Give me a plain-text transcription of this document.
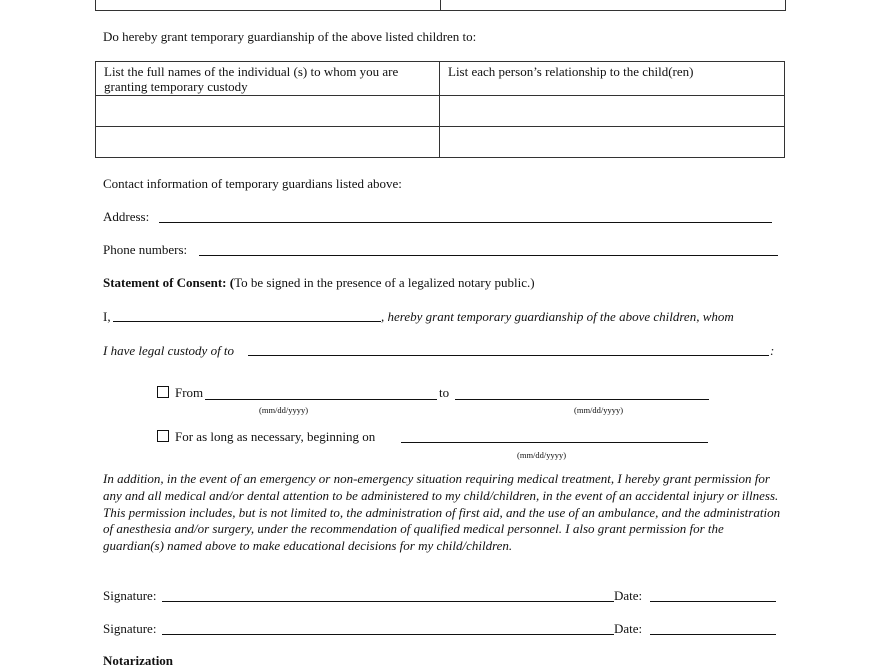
Do hereby grant temporary guardianship of the above listed children to:
List the full names of the individual (s) to whom you are granting temporary custody	List each person’s relationship to the child(ren)

Contact information of temporary guardians listed above:
Address:
Phone numbers:
Statement of Consent: (To be signed in the presence of a legalized notary public.)
I,	, hereby grant temporary guardianship of the above children, whom
I have legal custody of to	:
From	to
(mm/dd/yyyy)	(mm/dd/yyyy)
For as long as necessary, beginning on
(mm/dd/yyyy)
In addition, in the event of an emergency or non-emergency situation requiring medical treatment, I hereby grant permission for any and all medical and/or dental attention to be administered to my child/children, in the event of an accidental injury or illness. This permission includes, but is not limited to, the administration of first aid, and the use of an ambulance, and the administration of anesthesia and/or surgery, under the recommendation of qualified medical personnel. I also grant permission for the guardian(s) named above to make educational decisions for my child/children.
Signature:	Date:
Signature:	Date:
Notarization
